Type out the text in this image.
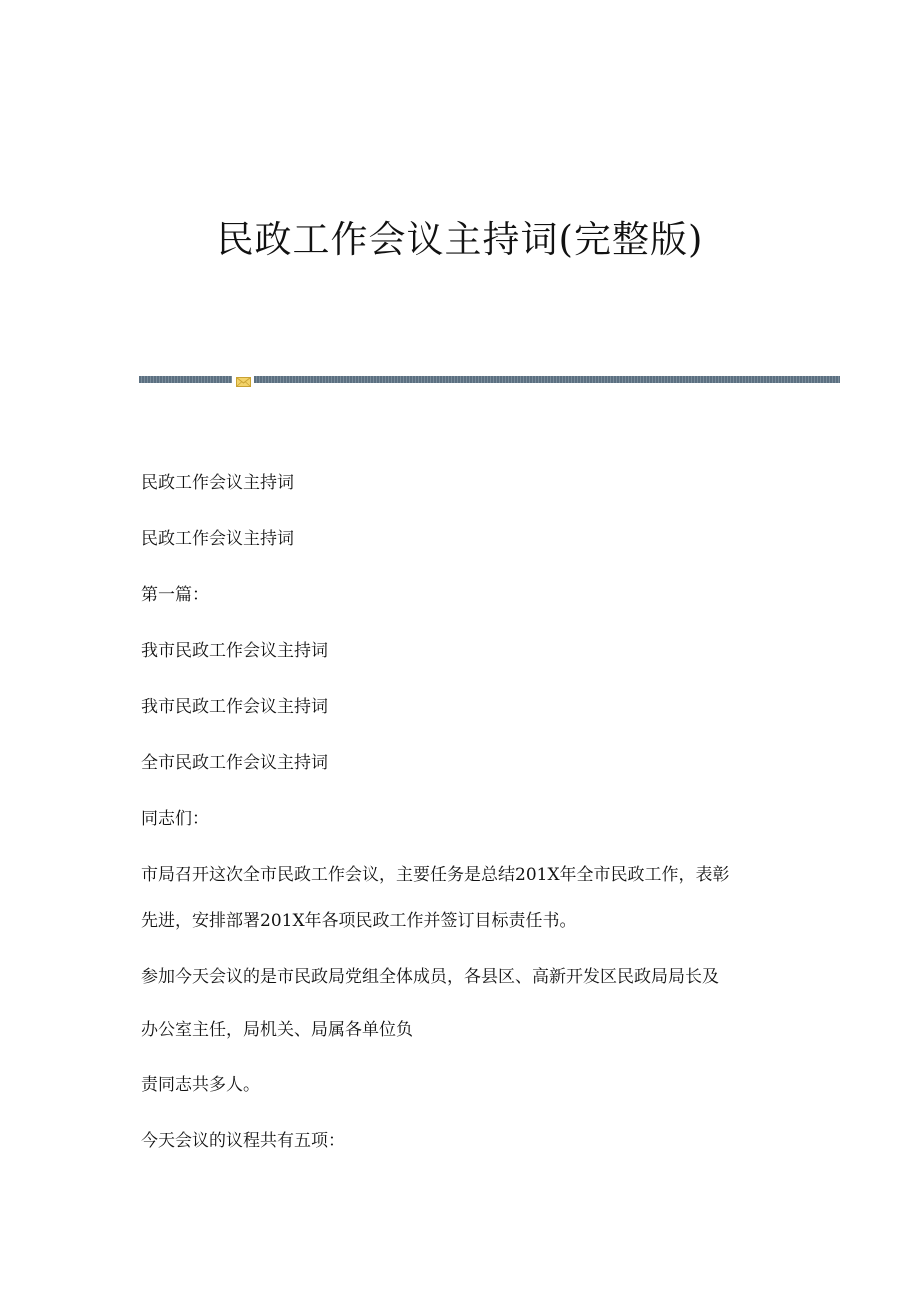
民政工作会议主持词(完整版)
民政工作会议主持词
民政工作会议主持词
第一篇：
我市民政工作会议主持词
我市民政工作会议主持词
全市民政工作会议主持词
同志们：
市局召开这次全市民政工作会议，主要任务是总结201X年全市民政工作，表彰
先进，安排部署201X年各项民政工作并签订目标责任书。
参加今天会议的是市民政局党组全体成员，各县区、高新开发区民政局局长及
办公室主任，局机关、局属各单位负
责同志共多人。
今天会议的议程共有五项：
